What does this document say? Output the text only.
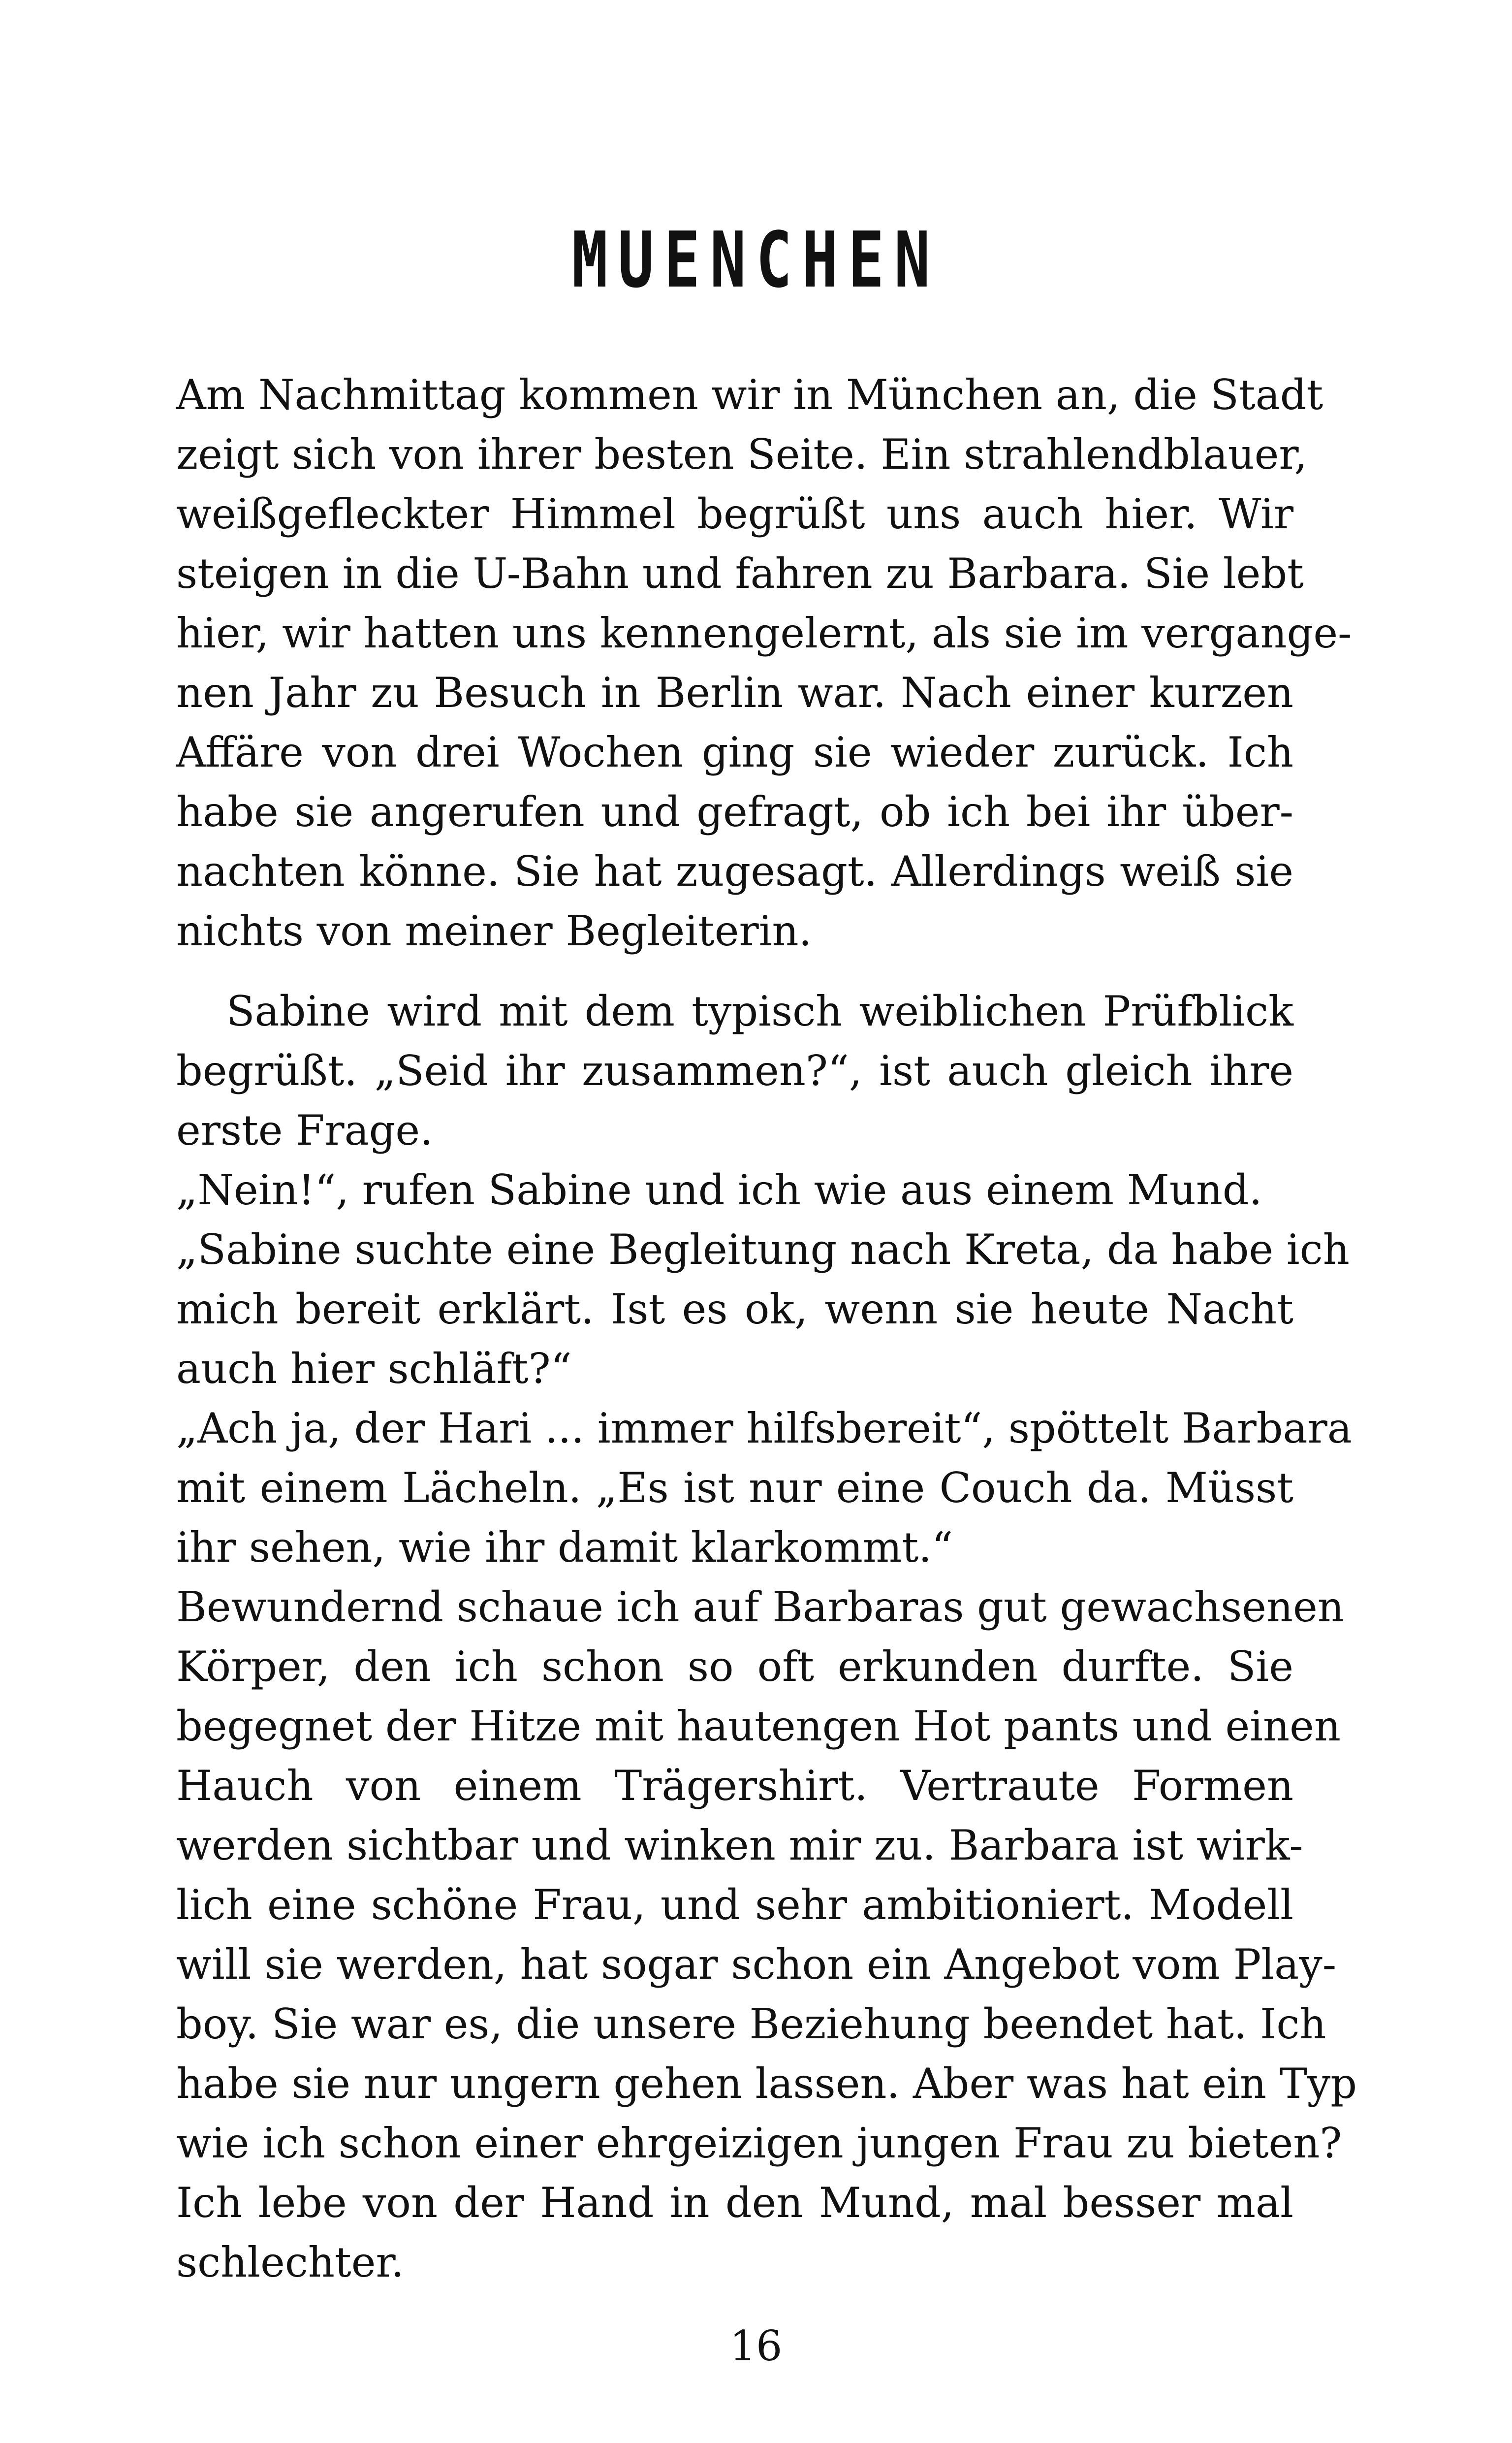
MUENCHEN
Am Nachmittag kommen wir in München an, die Stadt
zeigt sich von ihrer besten Seite. Ein strahlendblauer,
weißgefleckter Himmel begrüßt uns auch hier. Wir
steigen in die U-Bahn und fahren zu Barbara. Sie lebt
hier, wir hatten uns kennengelernt, als sie im vergange-
nen Jahr zu Besuch in Berlin war. Nach einer kurzen
Affäre von drei Wochen ging sie wieder zurück. Ich
habe sie angerufen und gefragt, ob ich bei ihr über-
nachten könne. Sie hat zugesagt. Allerdings weiß sie
nichts von meiner Begleiterin.
Sabine wird mit dem typisch weiblichen Prüfblick
begrüßt. „Seid ihr zusammen?“, ist auch gleich ihre
erste Frage.
„Nein!“, rufen Sabine und ich wie aus einem Mund.
„Sabine suchte eine Begleitung nach Kreta, da habe ich
mich bereit erklärt. Ist es ok, wenn sie heute Nacht
auch hier schläft?“
„Ach ja, der Hari ... immer hilfsbereit“, spöttelt Barbara
mit einem Lächeln. „Es ist nur eine Couch da. Müsst
ihr sehen, wie ihr damit klarkommt.“
Bewundernd schaue ich auf Barbaras gut gewachsenen
Körper, den ich schon so oft erkunden durfte. Sie
begegnet der Hitze mit hautengen Hot pants und einen
Hauch von einem Trägershirt. Vertraute Formen
werden sichtbar und winken mir zu. Barbara ist wirk-
lich eine schöne Frau, und sehr ambitioniert. Modell
will sie werden, hat sogar schon ein Angebot vom Play-
boy. Sie war es, die unsere Beziehung beendet hat. Ich
habe sie nur ungern gehen lassen. Aber was hat ein Typ
wie ich schon einer ehrgeizigen jungen Frau zu bieten?
Ich lebe von der Hand in den Mund, mal besser mal
schlechter.
16
